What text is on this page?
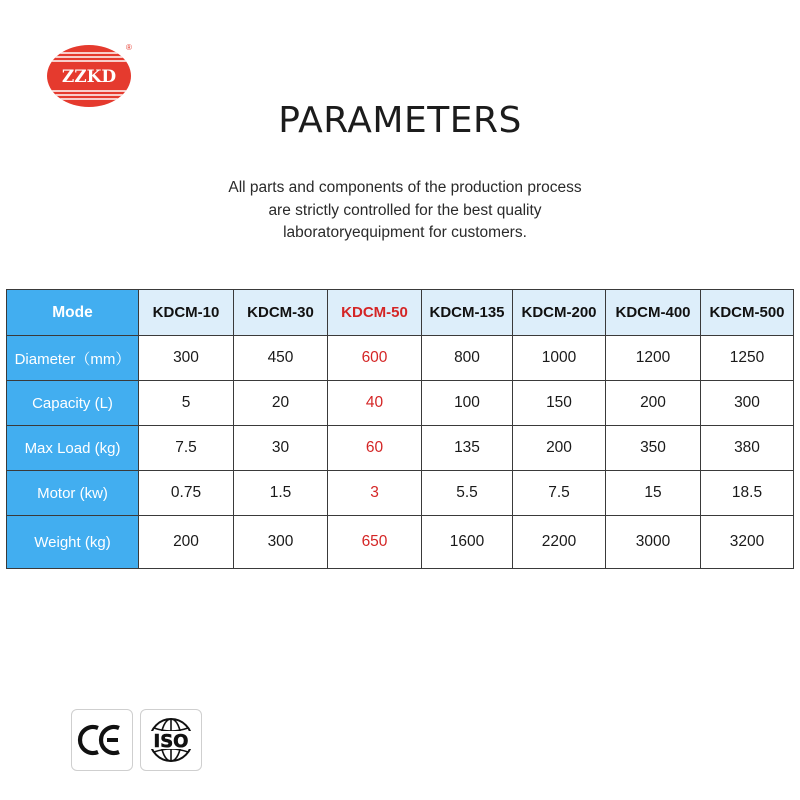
ZZKD
®
PARAMETERS
All parts and components of the production process
are strictly controlled for the best quality
laboratoryequipment for customers.
Mode	KDCM-10	KDCM-30	KDCM-50	KDCM-135	KDCM-200	KDCM-400	KDCM-500
Diameter（mm）	300	450	600	800	1000	1200	1250
Capacity (L)	5	20	40	100	150	200	300
Max Load (kg)	7.5	30	60	135	200	350	380
Motor (kw)	0.75	1.5	3	5.5	7.5	15	18.5
Weight (kg)	200	300	650	1600	2200	3000	3200
ISO
